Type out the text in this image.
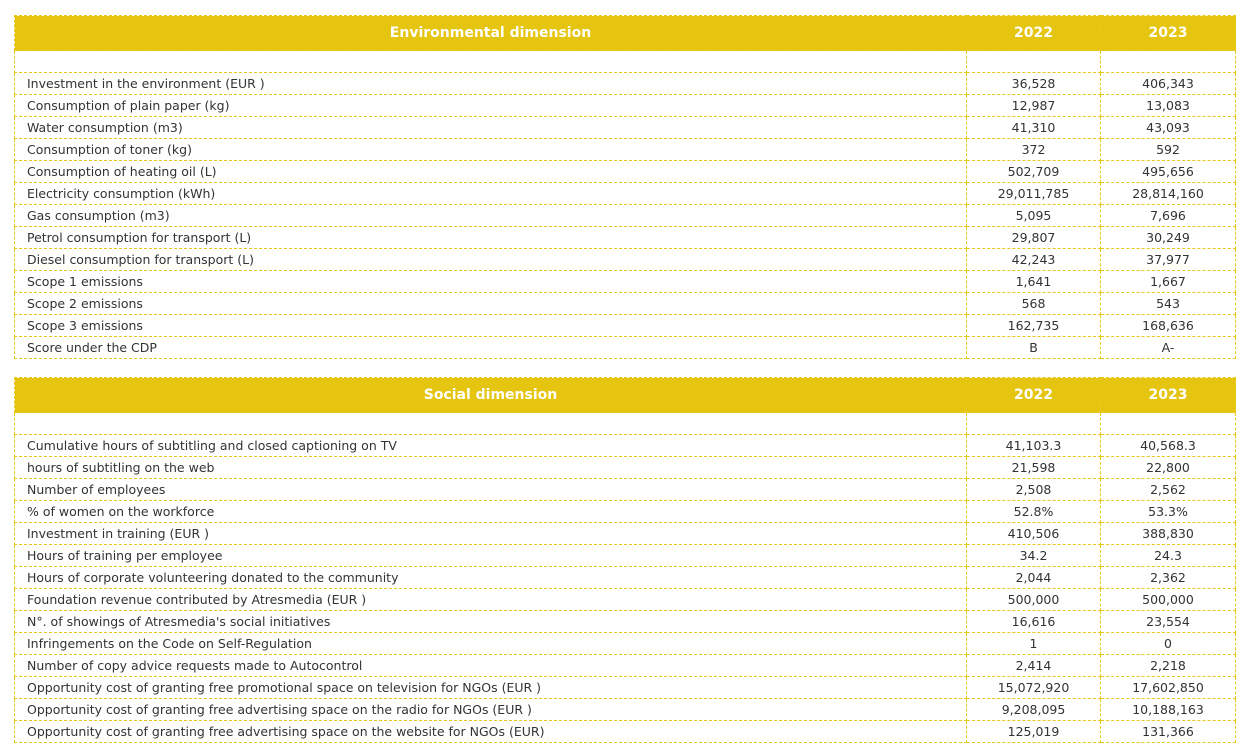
Environmental dimension	2022	2023

Investment in the environment (EUR )	36,528	406,343
Consumption of plain paper (kg)	12,987	13,083
Water consumption (m3)	41,310	43,093
Consumption of toner (kg)	372	592
Consumption of heating oil (L)	502,709	495,656
Electricity consumption (kWh)	29,011,785	28,814,160
Gas consumption (m3)	5,095	7,696
Petrol consumption for transport (L)	29,807	30,249
Diesel consumption for transport (L)	42,243	37,977
Scope 1 emissions	1,641	1,667
Scope 2 emissions	568	543
Scope 3 emissions	162,735	168,636
Score under the CDP	B	A-
Social dimension	2022	2023

Cumulative hours of subtitling and closed captioning on TV	41,103.3	40,568.3
hours of subtitling on the web	21,598	22,800
Number of employees	2,508	2,562
% of women on the workforce	52.8%	53.3%
Investment in training (EUR )	410,506	388,830
Hours of training per employee	34.2	24.3
Hours of corporate volunteering donated to the community	2,044	2,362
Foundation revenue contributed by Atresmedia (EUR )	500,000	500,000
N°. of showings of Atresmedia's social initiatives	16,616	23,554
Infringements on the Code on Self-Regulation	1	0
Number of copy advice requests made to Autocontrol	2,414	2,218
Opportunity cost of granting free promotional space on television for NGOs (EUR )	15,072,920	17,602,850
Opportunity cost of granting free advertising space on the radio for NGOs (EUR )	9,208,095	10,188,163
Opportunity cost of granting free advertising space on the website for NGOs (EUR)	125,019	131,366
